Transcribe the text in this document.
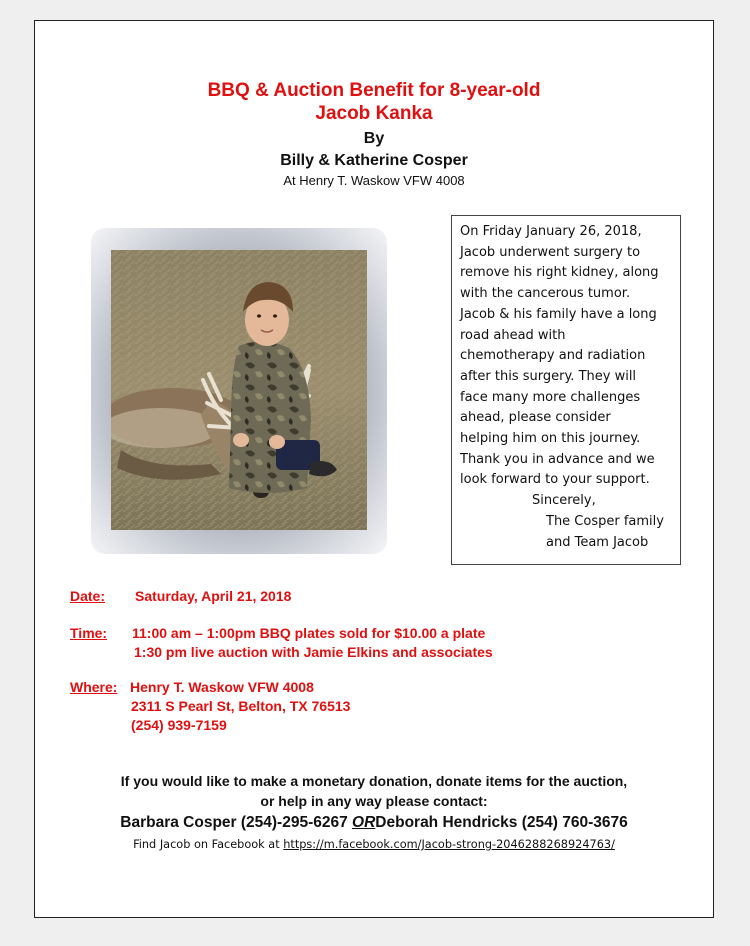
BBQ & Auction Benefit for 8-year-old
Jacob Kanka
By
Billy & Katherine Cosper
At Henry T. Waskow VFW 4008
On Friday January 26, 2018,
Jacob underwent surgery to
remove his right kidney, along
with the cancerous tumor.
Jacob & his family have a long
road ahead with
chemotherapy and radiation
after this surgery. They will
face many more challenges
ahead, please consider
helping him on this journey.
Thank you in advance and we
look forward to your support.
Sincerely,
The Cosper family
and Team Jacob
Date: Saturday, April 21, 2018
Time: 11:00 am – 1:00pm BBQ plates sold for $10.00 a plate
1:30 pm live auction with Jamie Elkins and associates
Where: Henry T. Waskow VFW 4008
2311 S Pearl St, Belton, TX 76513
(254) 939-7159
If you would like to make a monetary donation, donate items for the auction,
or help in any way please contact:
Barbara Cosper (254)-295-6267 ORDeborah Hendricks (254) 760-3676
Find Jacob on Facebook at https://m.facebook.com/Jacob-strong-2046288268924763/
